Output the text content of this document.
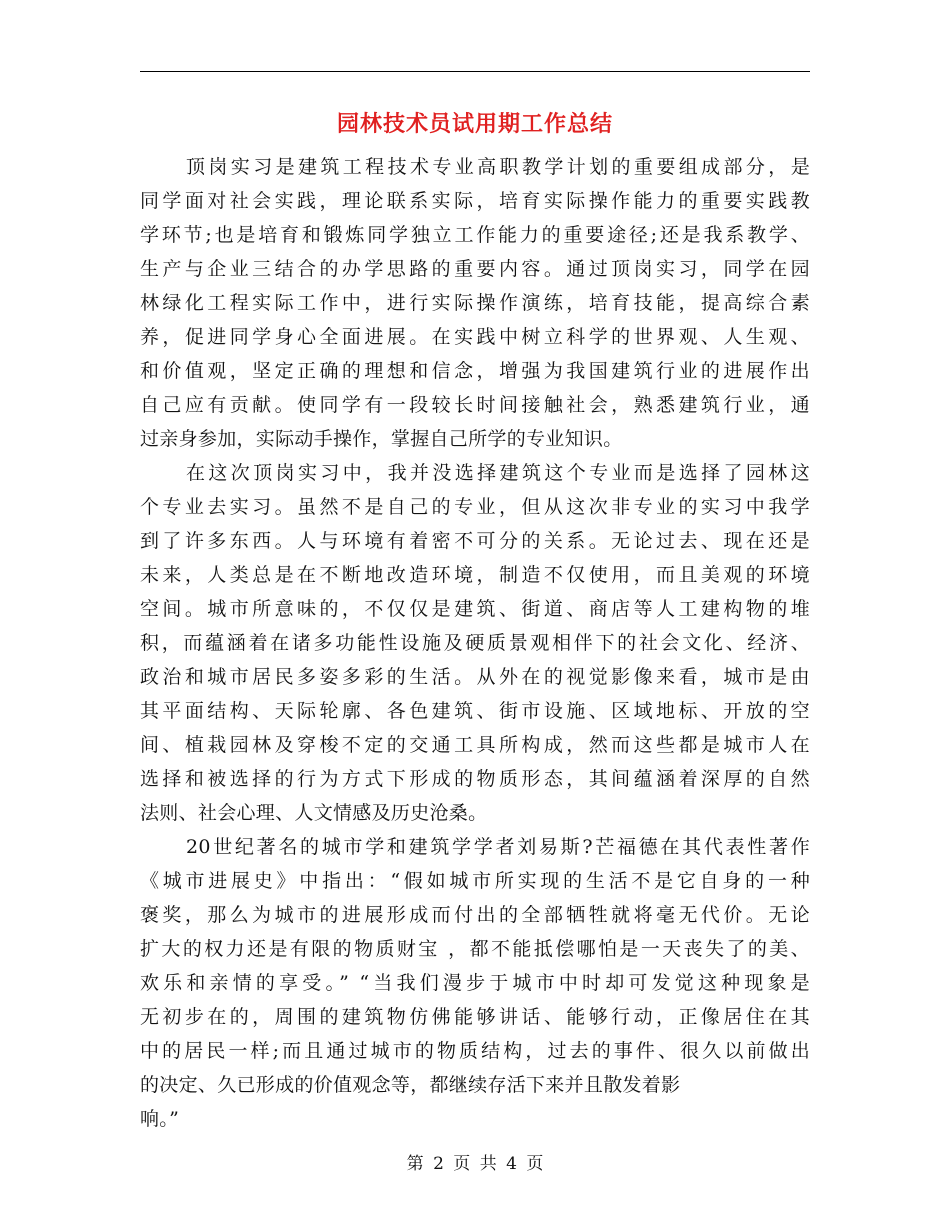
园林技术员试用期工作总结
顶岗实习是建筑工程技术专业高职教学计划的重要组成部分，是
同学面对社会实践，理论联系实际，培育实际操作能力的重要实践教
学环节;也是培育和锻炼同学独立工作能力的重要途径;还是我系教学、
生产与企业三结合的办学思路的重要内容。通过顶岗实习，同学在园
林绿化工程实际工作中，进行实际操作演练，培育技能，提高综合素
养，促进同学身心全面进展。在实践中树立科学的世界观、人生观、
和价值观，坚定正确的理想和信念，增强为我国建筑行业的进展作出
自己应有贡献。使同学有一段较长时间接触社会，熟悉建筑行业，通
过亲身参加，实际动手操作，掌握自己所学的专业知识。
在这次顶岗实习中，我并没选择建筑这个专业而是选择了园林这
个专业去实习。虽然不是自己的专业，但从这次非专业的实习中我学
到了许多东西。人与环境有着密不可分的关系。无论过去、现在还是
未来，人类总是在不断地改造环境，制造不仅使用，而且美观的环境
空间。城市所意味的，不仅仅是建筑、街道、商店等人工建构物的堆
积，而蕴涵着在诸多功能性设施及硬质景观相伴下的社会文化、经济、
政治和城市居民多姿多彩的生活。从外在的视觉影像来看，城市是由
其平面结构、天际轮廓、各色建筑、街市设施、区域地标、开放的空
间、植栽园林及穿梭不定的交通工具所构成，然而这些都是城市人在
选择和被选择的行为方式下形成的物质形态，其间蕴涵着深厚的自然
法则、社会心理、人文情感及历史沧桑。
20世纪著名的城市学和建筑学学者刘易斯?芒福德在其代表性著作
《城市进展史》中指出：“假如城市所实现的生活不是它自身的一种
褒奖，那么为城市的进展形成而付出的全部牺牲就将毫无代价。无论
扩大的权力还是有限的物质财宝 ，都不能抵偿哪怕是一天丧失了的美、
欢乐和亲情的享受。” “当我们漫步于城市中时却可发觉这种现象是
无初步在的，周围的建筑物仿佛能够讲话、能够行动，正像居住在其
中的居民一样;而且通过城市的物质结构，过去的事件、很久以前做出
的决定、久已形成的价值观念等，都继续存活下来并且散发着影
响。”
第 2 页 共 4 页
